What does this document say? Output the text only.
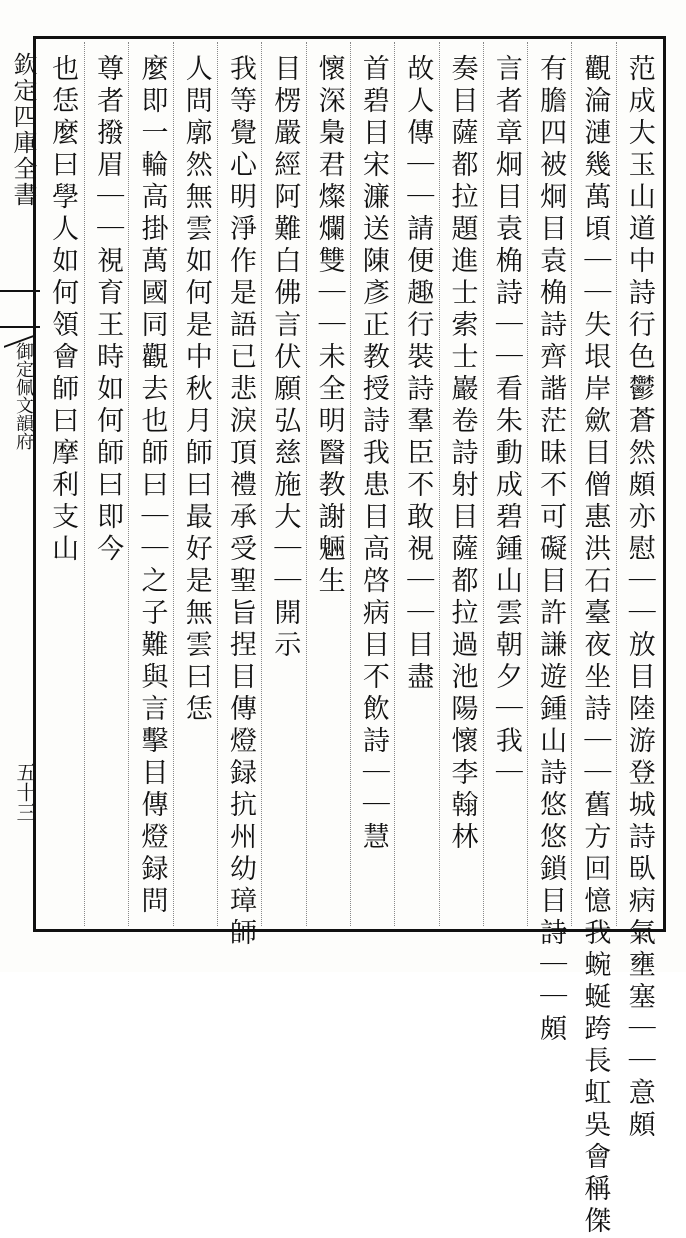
欽定四庫全書
御定佩文韻府
五十三	范成大玉山道中詩行色鬱蒼然頗亦慰｜｜放目陸游登城詩臥病氣壅塞｜｜意頗
觀淪漣幾萬頃｜｜失垠岸歛目僧惠洪石臺夜坐詩｜｜舊方回憶我蜿蜒跨長虹吳會稱傑
有膽四被炯目袁桷詩齊諧茫昧不可礙目許謙遊鍾山詩悠悠鎖目詩｜｜頗
言者章炯目袁桷詩｜｜看朱動成碧鍾山雲朝夕｜我｜
奏目薩都拉題進士索士巖卷詩射目薩都拉過池陽懷李翰林
故人傳｜｜請便趣行裝詩羣臣不敢視｜｜目盡
首碧目宋濂送陳彥正教授詩我患目高啓病目不飲詩｜｜慧
懷深梟君燦爛雙｜｜未全明醫教謝魎生
目楞嚴經阿難白佛言伏願弘慈施大｜｜開示
我等覺心明淨作是語已悲淚頂禮承受聖旨捏目傳燈録抗州幼璋師
人問廓然無雲如何是中秋月師曰最好是無雲曰恁
麼即一輪高掛萬國同觀去也師曰｜｜之子難與言擊目傳燈録問
尊者撥眉｜｜視育王時如何師曰即今
也恁麼曰學人如何領會師曰摩利支山
